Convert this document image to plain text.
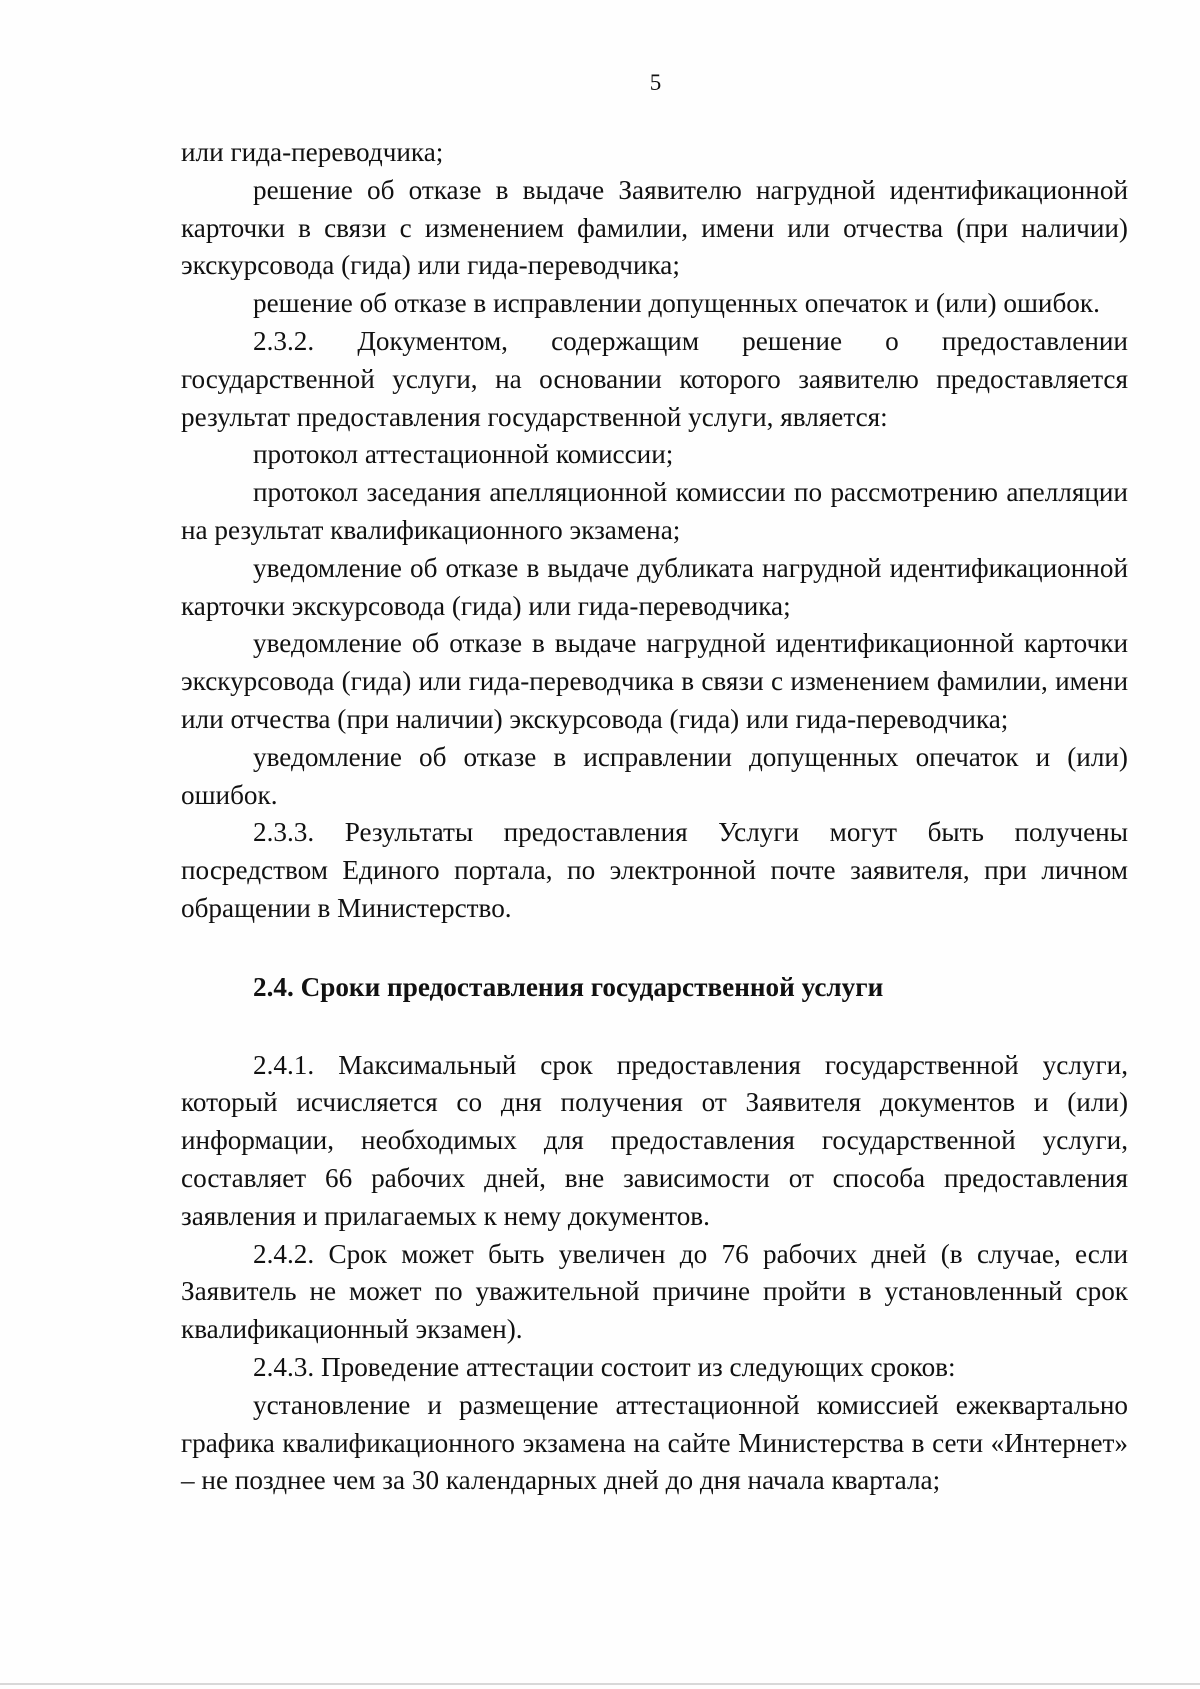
5

или гида-переводчика;

решение об отказе в выдаче Заявителю нагрудной идентификационной карточки в связи с изменением фамилии, имени или отчества (при наличии) экскурсовода (гида) или гида-переводчика;

решение об отказе в исправлении допущенных опечаток и (или) ошибок.

2.3.2. Документом, содержащим решение о предоставлении государственной услуги, на основании которого заявителю предоставляется результат предоставления государственной услуги, является:

протокол аттестационной комиссии;

протокол заседания апелляционной комиссии по рассмотрению апелляции на результат квалификационного экзамена;

уведомление об отказе в выдаче дубликата нагрудной идентификационной карточки экскурсовода (гида) или гида-переводчика;

уведомление об отказе в выдаче нагрудной идентификационной карточки экскурсовода (гида) или гида-переводчика в связи с изменением фамилии, имени или отчества (при наличии) экскурсовода (гида) или гида-переводчика;

уведомление об отказе в исправлении допущенных опечаток и (или) ошибок.

2.3.3. Результаты предоставления Услуги могут быть получены посредством Единого портала, по электронной почте заявителя, при личном обращении в Министерство.

2.4. Сроки предоставления государственной услуги

2.4.1. Максимальный срок предоставления государственной услуги, который исчисляется со дня получения от Заявителя документов и (или) информации, необходимых для предоставления государственной услуги, составляет 66 рабочих дней, вне зависимости от способа предоставления заявления и прилагаемых к нему документов.

2.4.2. Срок может быть увеличен до 76 рабочих дней (в случае, если Заявитель не может по уважительной причине пройти в установленный срок квалификационный экзамен).

2.4.3. Проведение аттестации состоит из следующих сроков:

установление и размещение аттестационной комиссией ежеквартально графика квалификационного экзамена на сайте Министерства в сети «Интернет» – не позднее чем за 30 календарных дней до дня начала квартала;
